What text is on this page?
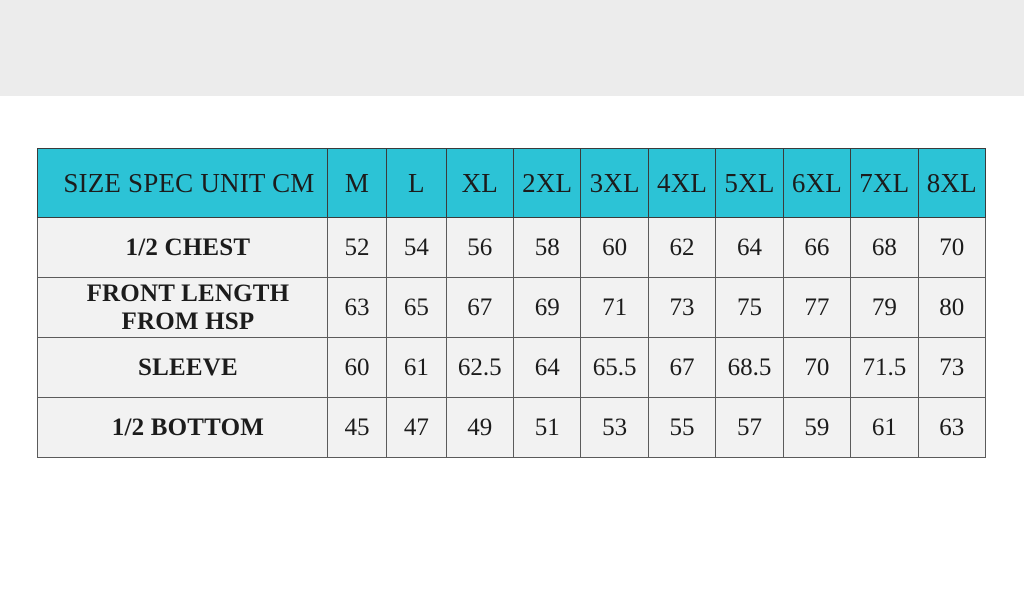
SIZE SPEC UNIT CM	M	L	XL	2XL	3XL	4XL	5XL	6XL	7XL	8XL
1/2 CHEST	52	54	56	58	60	62	64	66	68	70
FRONT LENGTH FROM HSP	63	65	67	69	71	73	75	77	79	80
SLEEVE	60	61	62.5	64	65.5	67	68.5	70	71.5	73
1/2 BOTTOM	45	47	49	51	53	55	57	59	61	63
